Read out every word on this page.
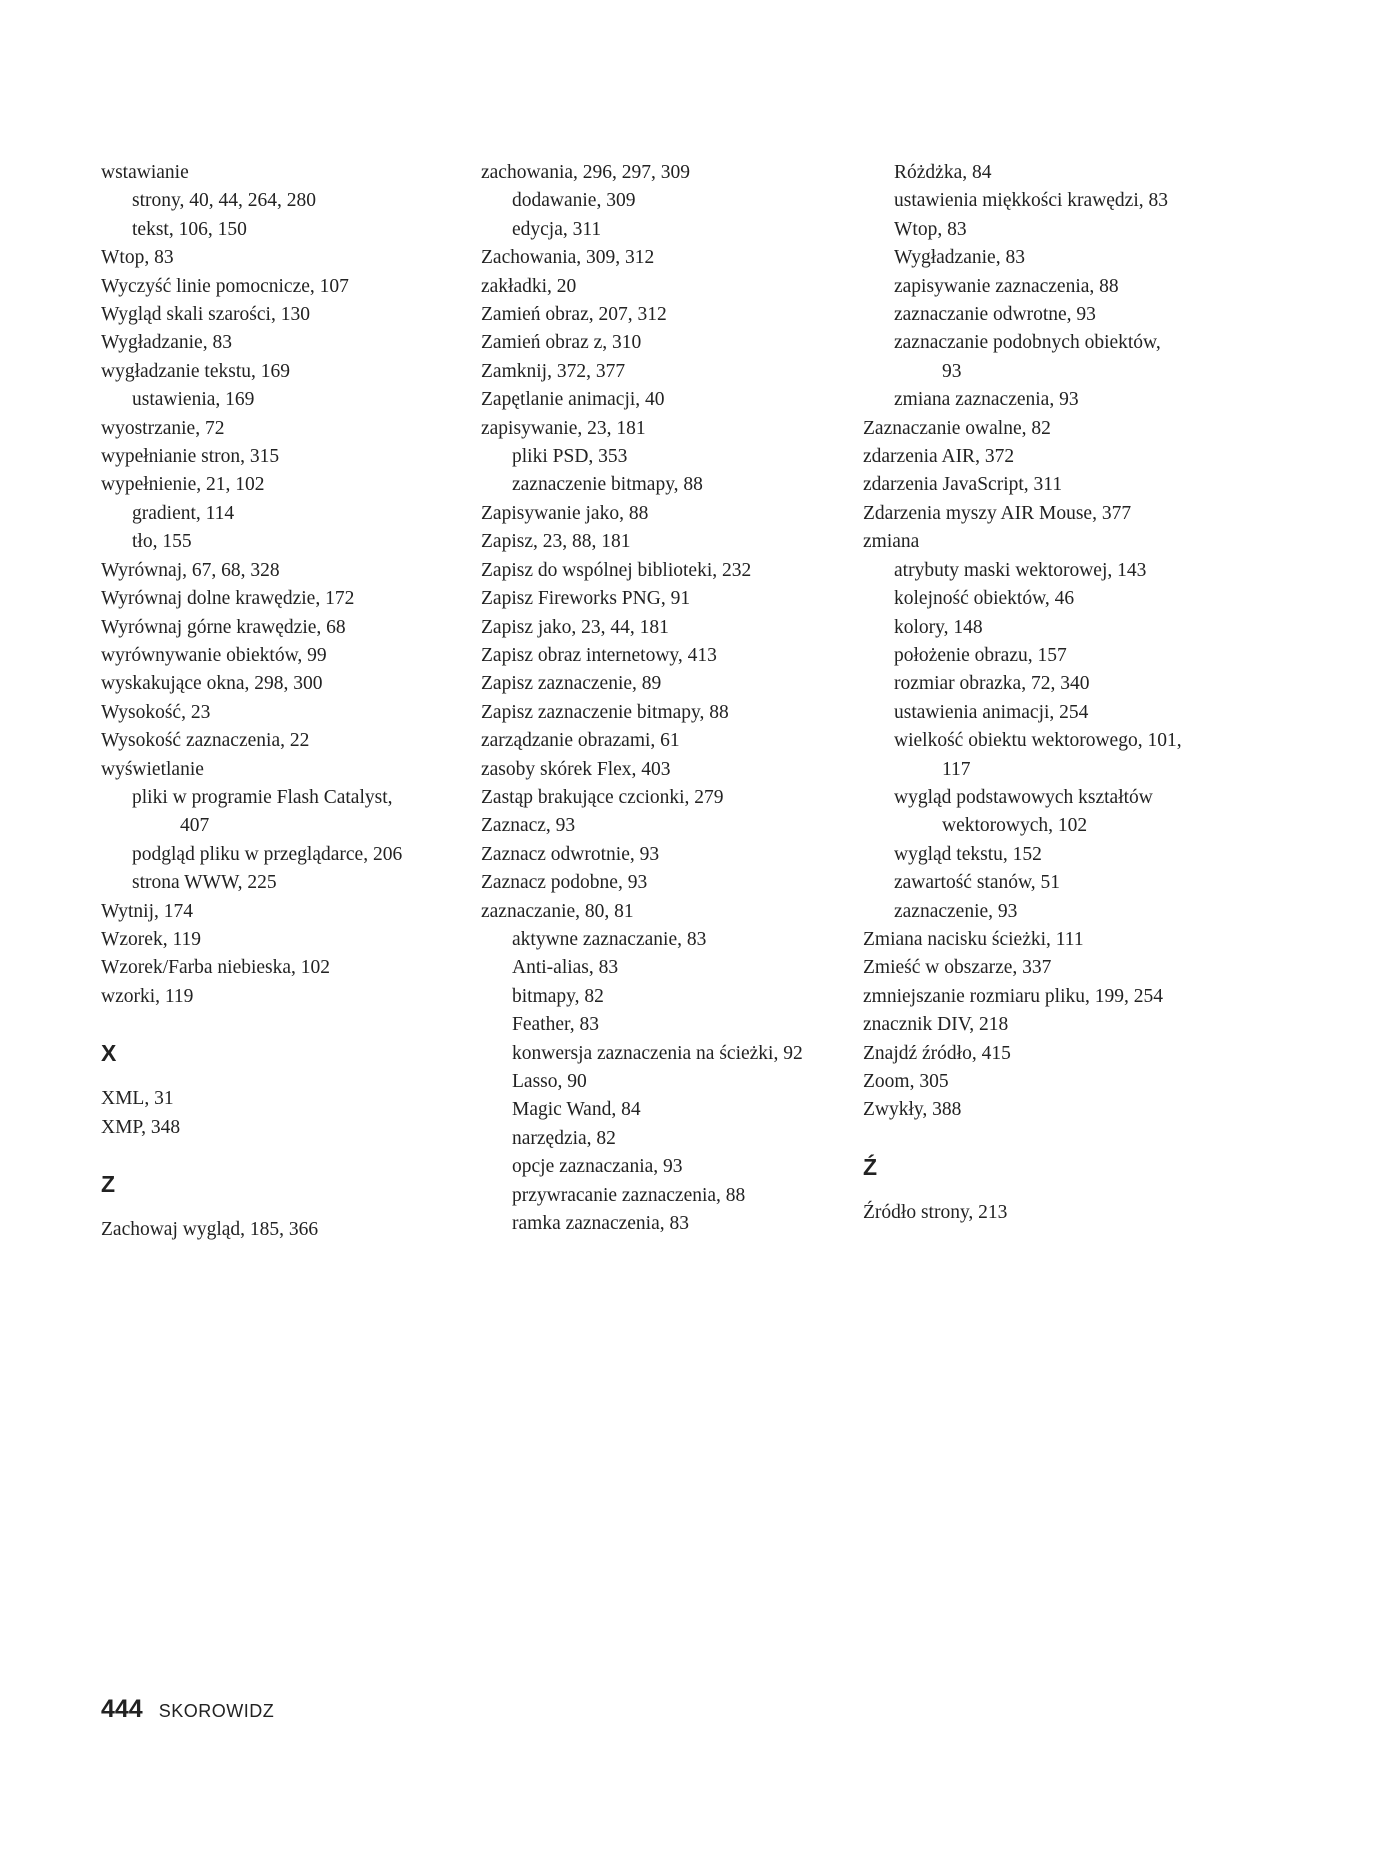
wstawianie
strony, 40, 44, 264, 280
tekst, 106, 150
Wtop, 83
Wyczyść linie pomocnicze, 107
Wygląd skali szarości, 130
Wygładzanie, 83
wygładzanie tekstu, 169
ustawienia, 169
wyostrzanie, 72
wypełnianie stron, 315
wypełnienie, 21, 102
gradient, 114
tło, 155
Wyrównaj, 67, 68, 328
Wyrównaj dolne krawędzie, 172
Wyrównaj górne krawędzie, 68
wyrównywanie obiektów, 99
wyskakujące okna, 298, 300
Wysokość, 23
Wysokość zaznaczenia, 22
wyświetlanie
pliki w programie Flash Catalyst,
407
podgląd pliku w przeglądarce, 206
strona WWW, 225
Wytnij, 174
Wzorek, 119
Wzorek/Farba niebieska, 102
wzorki, 119
X
XML, 31
XMP, 348
Z
Zachowaj wygląd, 185, 366
zachowania, 296, 297, 309
dodawanie, 309
edycja, 311
Zachowania, 309, 312
zakładki, 20
Zamień obraz, 207, 312
Zamień obraz z, 310
Zamknij, 372, 377
Zapętlanie animacji, 40
zapisywanie, 23, 181
pliki PSD, 353
zaznaczenie bitmapy, 88
Zapisywanie jako, 88
Zapisz, 23, 88, 181
Zapisz do wspólnej biblioteki, 232
Zapisz Fireworks PNG, 91
Zapisz jako, 23, 44, 181
Zapisz obraz internetowy, 413
Zapisz zaznaczenie, 89
Zapisz zaznaczenie bitmapy, 88
zarządzanie obrazami, 61
zasoby skórek Flex, 403
Zastąp brakujące czcionki, 279
Zaznacz, 93
Zaznacz odwrotnie, 93
Zaznacz podobne, 93
zaznaczanie, 80, 81
aktywne zaznaczanie, 83
Anti-alias, 83
bitmapy, 82
Feather, 83
konwersja zaznaczenia na ścieżki, 92
Lasso, 90
Magic Wand, 84
narzędzia, 82
opcje zaznaczania, 93
przywracanie zaznaczenia, 88
ramka zaznaczenia, 83
Różdżka, 84
ustawienia miękkości krawędzi, 83
Wtop, 83
Wygładzanie, 83
zapisywanie zaznaczenia, 88
zaznaczanie odwrotne, 93
zaznaczanie podobnych obiektów,
93
zmiana zaznaczenia, 93
Zaznaczanie owalne, 82
zdarzenia AIR, 372
zdarzenia JavaScript, 311
Zdarzenia myszy AIR Mouse, 377
zmiana
atrybuty maski wektorowej, 143
kolejność obiektów, 46
kolory, 148
położenie obrazu, 157
rozmiar obrazka, 72, 340
ustawienia animacji, 254
wielkość obiektu wektorowego, 101,
117
wygląd podstawowych kształtów
wektorowych, 102
wygląd tekstu, 152
zawartość stanów, 51
zaznaczenie, 93
Zmiana nacisku ścieżki, 111
Zmieść w obszarze, 337
zmniejszanie rozmiaru pliku, 199, 254
znacznik DIV, 218
Znajdź źródło, 415
Zoom, 305
Zwykły, 388
Ź
Źródło strony, 213
444 SKOROWIDZ
